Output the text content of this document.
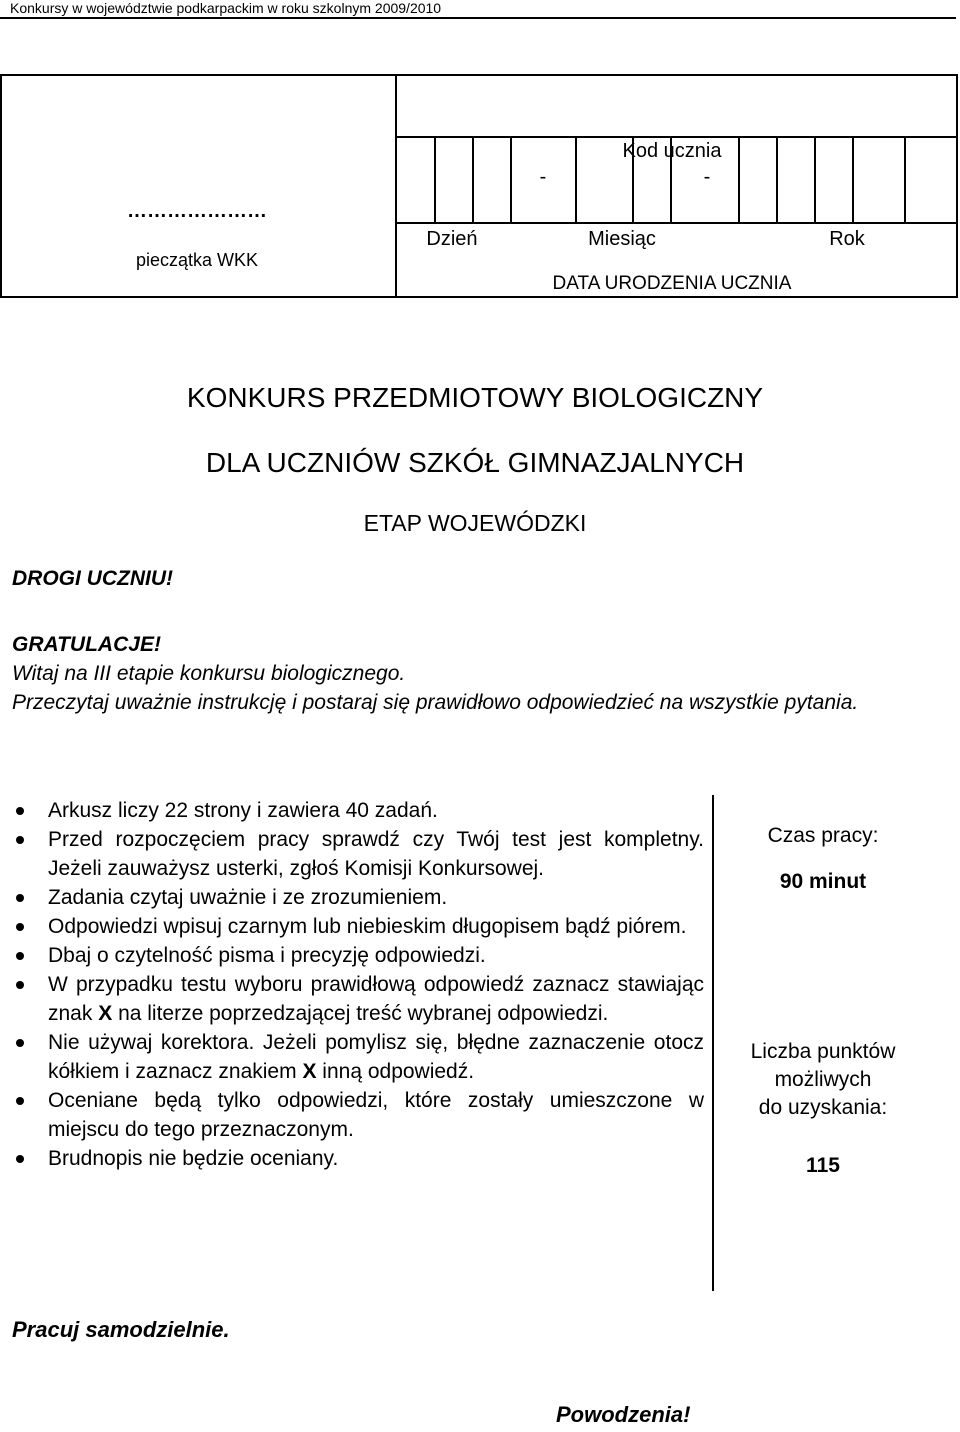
Konkursy w województwie podkarpackim w roku szkolnym 2009/2010
Kod ucznia
-	-
…………………
pieczątka WKK
Dzień	Miesiąc	Rok
DATA URODZENIA UCZNIA
KONKURS PRZEDMIOTOWY BIOLOGICZNY
DLA UCZNIÓW SZKÓŁ GIMNAZJALNYCH
ETAP WOJEWÓDZKI
DROGI UCZNIU!
GRATULACJE!
Witaj na III etapie konkursu biologicznego.
Przeczytaj uważnie instrukcję i postaraj się prawidłowo odpowiedzieć na wszystkie pytania.
Arkusz liczy 22 strony i zawiera 40 zadań.
Przed rozpoczęciem pracy sprawdź czy Twój test jest kompletny. Jeżeli zauważysz usterki, zgłoś Komisji Konkursowej.
Zadania czytaj uważnie i ze zrozumieniem.
Odpowiedzi wpisuj czarnym lub niebieskim długopisem bądź piórem.
Dbaj o czytelność pisma i precyzję odpowiedzi.
W przypadku testu wyboru prawidłową odpowiedź zaznacz stawiając znak X na literze poprzedzającej treść wybranej odpowiedzi.
Nie używaj korektora. Jeżeli pomylisz się, błędne zaznaczenie otocz kółkiem i zaznacz znakiem X inną odpowiedź.
Oceniane będą tylko odpowiedzi, które zostały umieszczone w miejscu do tego przeznaczonym.
Brudnopis nie będzie oceniany.
Czas pracy:
90 minut
Liczba punktów
możliwych
do uzyskania:
115
Pracuj samodzielnie.
Powodzenia!
